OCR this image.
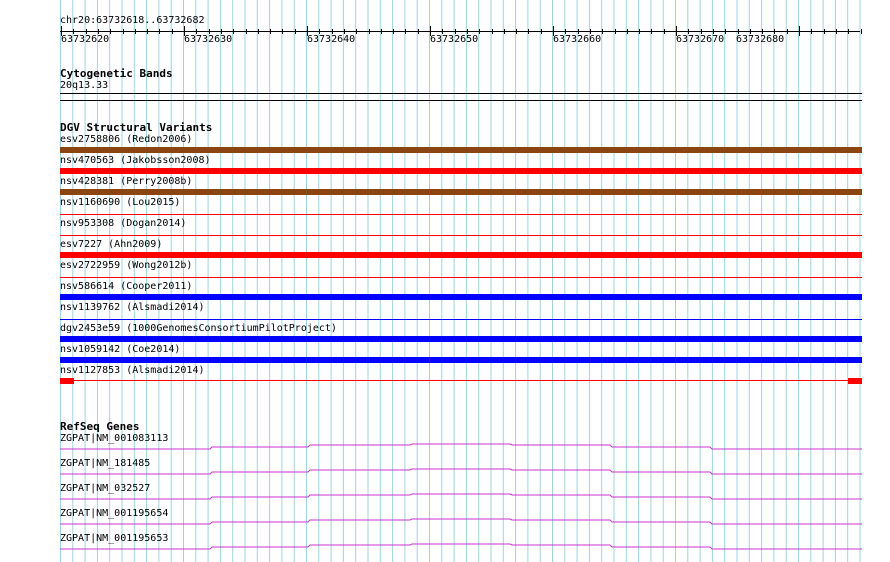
chr20:63732618..63732682
63732620	63732630	63732640	63732650	63732660	63732670 63732680
Cytogenetic Bands
20q13.33
DGV Structural Variants
esv2758806 (Redon2006)
nsv470563 (Jakobsson2008)
nsv428381 (Perry2008b)
nsv1160690 (Lou2015)
nsv953308 (Dogan2014)
esv7227 (Ahn2009)
esv2722959 (Wong2012b)
nsv586614 (Cooper2011)
nsv1139762 (Alsmadi2014)
dgv2453e59 (1000GenomesConsortiumPilotProject)
nsv1059142 (Coe2014)
nsv1127853 (Alsmadi2014)
RefSeq Genes
ZGPAT|NM_001083113
ZGPAT|NM_181485
ZGPAT|NM_032527
ZGPAT|NM_001195654
ZGPAT|NM_001195653
